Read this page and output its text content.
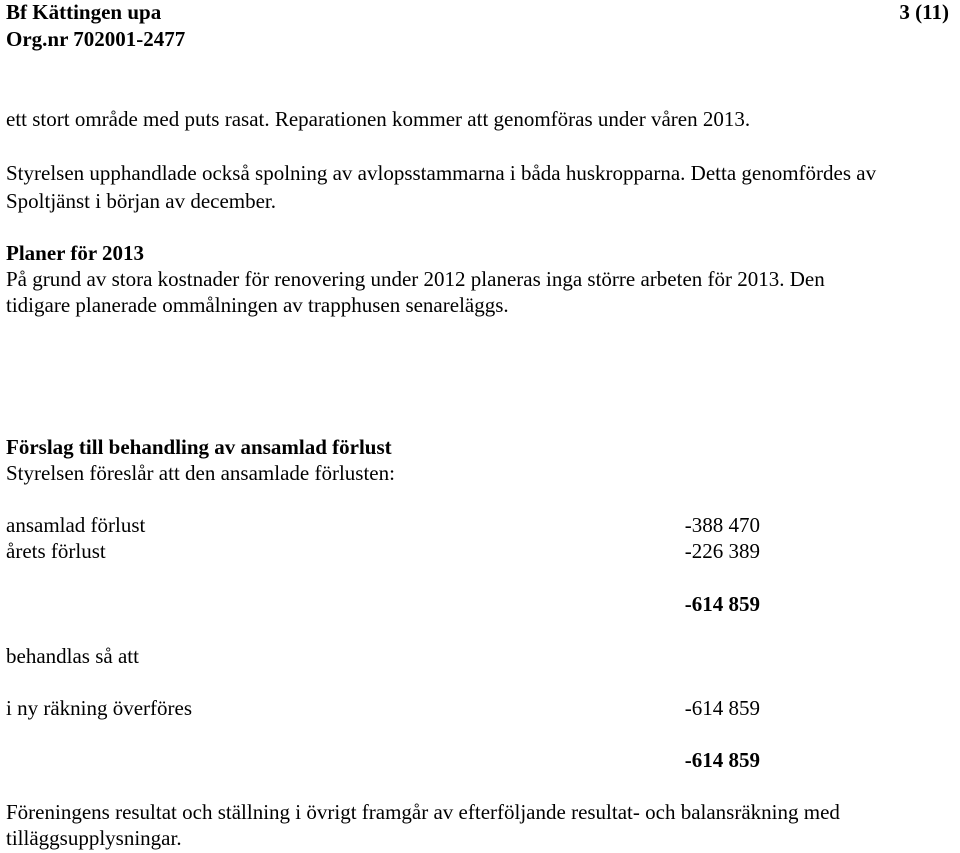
Bf Kättingen upa
Org.nr 702001-2477
3 (11)
ett stort område med puts rasat. Reparationen kommer att genomföras under våren 2013.
Styrelsen upphandlade också spolning av avlopsstammarna i båda huskropparna. Detta genomfördes av
Spoltjänst i början av december.
Planer för 2013
På grund av stora kostnader för renovering under 2012 planeras inga större arbeten för 2013. Den
tidigare planerade ommålningen av trapphusen senareläggs.
Förslag till behandling av ansamlad förlust
Styrelsen föreslår att den ansamlade förlusten:
ansamlad förlust	-388 470
årets förlust	-226 389
-614 859
behandlas så att
i ny räkning överföres	-614 859
-614 859
Föreningens resultat och ställning i övrigt framgår av efterföljande resultat- och balansräkning med
tilläggsupplysningar.
